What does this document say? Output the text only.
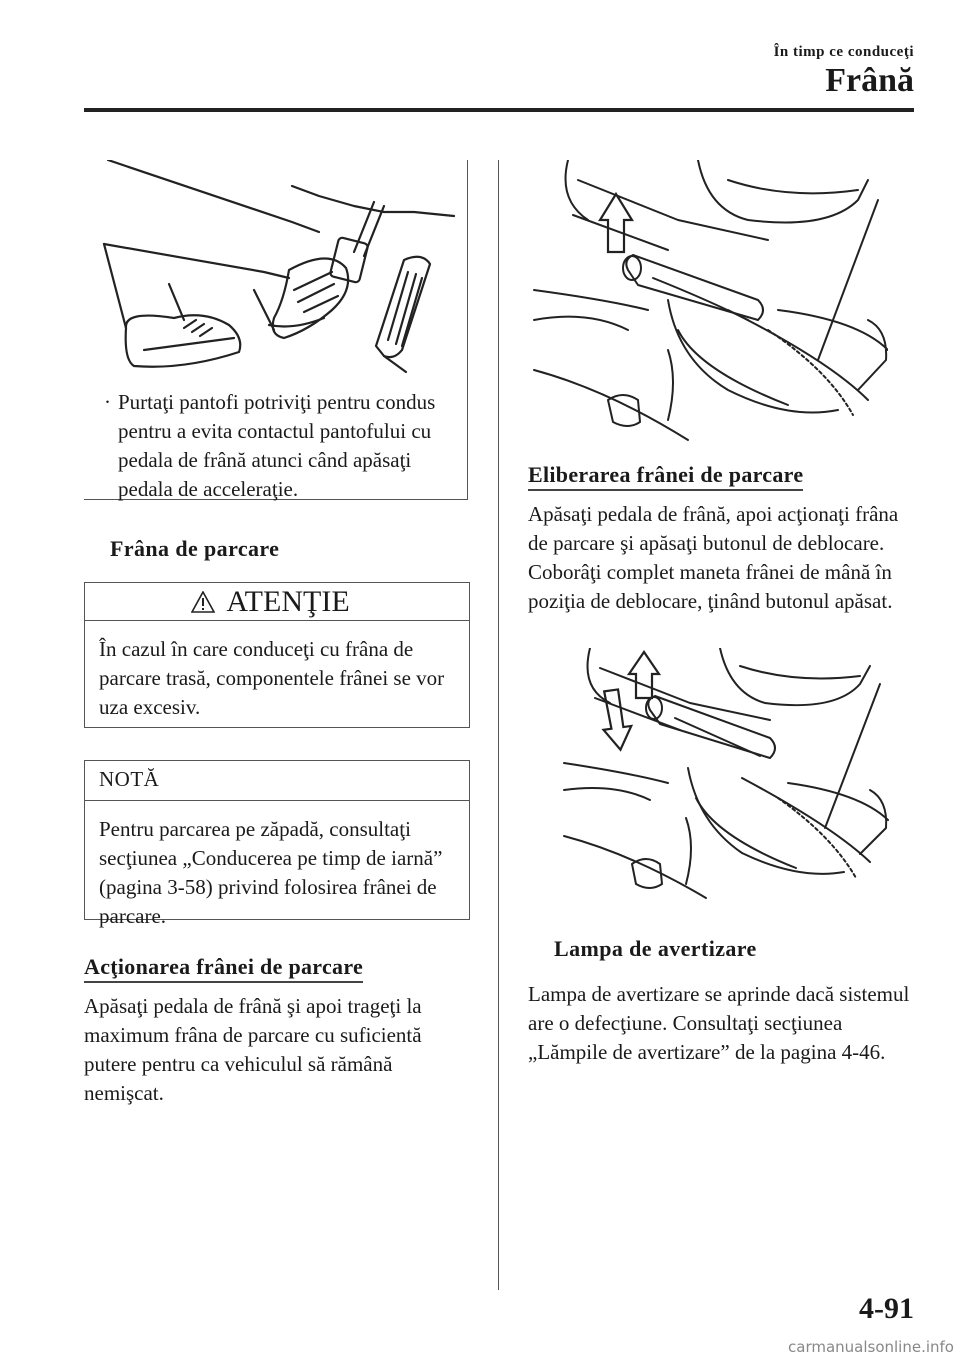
În timp ce conduceţi
Frână
· Purtaţi pantofi potriviţi pentru condus pentru a evita contactul pantofului cu pedala de frână atunci când apăsaţi pedala de acceleraţie.
Frâna de parcare
ATENŢIE
În cazul în care conduceţi cu frâna de parcare trasă, componentele frânei se vor uza excesiv.
NOTĂ
Pentru parcarea pe zăpadă, consultaţi secţiunea „Conducerea pe timp de iarnă” (pagina 3-58) privind folosirea frânei de parcare.
Acţionarea frânei de parcare
Apăsaţi pedala de frână şi apoi trageţi la maximum frâna de parcare cu suficientă putere pentru ca vehiculul să rămână nemişcat.
Eliberarea frânei de parcare
Apăsaţi pedala de frână, apoi acţionaţi frâna de parcare şi apăsaţi butonul de deblocare. Coborâţi complet maneta frânei de mână în poziţia de deblocare, ţinând butonul apăsat.
Lampa de avertizare
Lampa de avertizare se aprinde dacă sistemul are o defecţiune. Consultaţi secţiunea „Lămpile de avertizare” de la pagina 4-46.
4-91
carmanualsonline.info
